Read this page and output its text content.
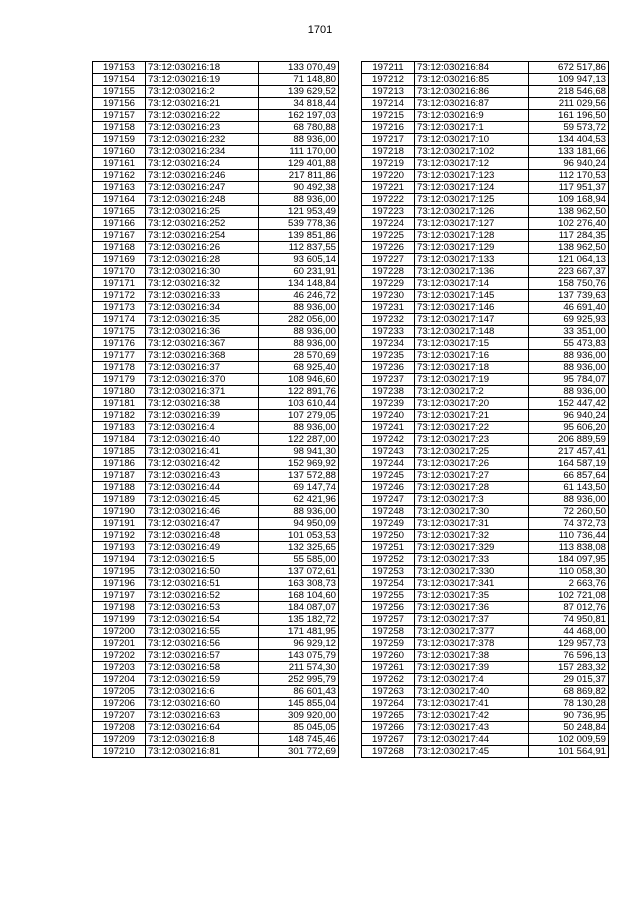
1701
197153	73:12:030216:18	133 070,49
197154	73:12:030216:19	71 148,80
197155	73:12:030216:2	139 629,52
197156	73:12:030216:21	34 818,44
197157	73:12:030216:22	162 197,03
197158	73:12:030216:23	68 780,88
197159	73:12:030216:232	88 936,00
197160	73:12:030216:234	111 170,00
197161	73:12:030216:24	129 401,88
197162	73:12:030216:246	217 811,86
197163	73:12:030216:247	90 492,38
197164	73:12:030216:248	88 936,00
197165	73:12:030216:25	121 953,49
197166	73:12:030216:252	539 778,36
197167	73:12:030216:254	139 851,86
197168	73:12:030216:26	112 837,55
197169	73:12:030216:28	93 605,14
197170	73:12:030216:30	60 231,91
197171	73:12:030216:32	134 148,84
197172	73:12:030216:33	46 246,72
197173	73:12:030216:34	88 936,00
197174	73:12:030216:35	282 056,00
197175	73:12:030216:36	88 936,00
197176	73:12:030216:367	88 936,00
197177	73:12:030216:368	28 570,69
197178	73:12:030216:37	68 925,40
197179	73:12:030216:370	108 946,60
197180	73:12:030216:371	122 891,76
197181	73:12:030216:38	103 610,44
197182	73:12:030216:39	107 279,05
197183	73:12:030216:4	88 936,00
197184	73:12:030216:40	122 287,00
197185	73:12:030216:41	98 941,30
197186	73:12:030216:42	152 969,92
197187	73:12:030216:43	137 572,88
197188	73:12:030216:44	69 147,74
197189	73:12:030216:45	62 421,96
197190	73:12:030216:46	88 936,00
197191	73:12:030216:47	94 950,09
197192	73:12:030216:48	101 053,53
197193	73:12:030216:49	132 325,65
197194	73:12:030216:5	55 585,00
197195	73:12:030216:50	137 072,61
197196	73:12:030216:51	163 308,73
197197	73:12:030216:52	168 104,60
197198	73:12:030216:53	184 087,07
197199	73:12:030216:54	135 182,72
197200	73:12:030216:55	171 481,95
197201	73:12:030216:56	96 929,12
197202	73:12:030216:57	143 075,79
197203	73:12:030216:58	211 574,30
197204	73:12:030216:59	252 995,79
197205	73:12:030216:6	86 601,43
197206	73:12:030216:60	145 855,04
197207	73:12:030216:63	309 920,00
197208	73:12:030216:64	85 045,05
197209	73:12:030216:8	148 745,46
197210	73:12:030216:81	301 772,69
197211	73:12:030216:84	672 517,86
197212	73:12:030216:85	109 947,13
197213	73:12:030216:86	218 546,68
197214	73:12:030216:87	211 029,56
197215	73:12:030216:9	161 196,50
197216	73:12:030217:1	59 573,72
197217	73:12:030217:10	134 404,53
197218	73:12:030217:102	133 181,66
197219	73:12:030217:12	96 940,24
197220	73:12:030217:123	112 170,53
197221	73:12:030217:124	117 951,37
197222	73:12:030217:125	109 168,94
197223	73:12:030217:126	138 962,50
197224	73:12:030217:127	102 276,40
197225	73:12:030217:128	117 284,35
197226	73:12:030217:129	138 962,50
197227	73:12:030217:133	121 064,13
197228	73:12:030217:136	223 667,37
197229	73:12:030217:14	158 750,76
197230	73:12:030217:145	137 739,63
197231	73:12:030217:146	46 691,40
197232	73:12:030217:147	69 925,93
197233	73:12:030217:148	33 351,00
197234	73:12:030217:15	55 473,83
197235	73:12:030217:16	88 936,00
197236	73:12:030217:18	88 936,00
197237	73:12:030217:19	95 784,07
197238	73:12:030217:2	88 936,00
197239	73:12:030217:20	152 447,42
197240	73:12:030217:21	96 940,24
197241	73:12:030217:22	95 606,20
197242	73:12:030217:23	206 889,59
197243	73:12:030217:25	217 457,41
197244	73:12:030217:26	164 587,19
197245	73:12:030217:27	66 857,64
197246	73:12:030217:28	61 143,50
197247	73:12:030217:3	88 936,00
197248	73:12:030217:30	72 260,50
197249	73:12:030217:31	74 372,73
197250	73:12:030217:32	110 736,44
197251	73:12:030217:329	113 838,08
197252	73:12:030217:33	184 097,95
197253	73:12:030217:330	110 058,30
197254	73:12:030217:341	2 663,76
197255	73:12:030217:35	102 721,08
197256	73:12:030217:36	87 012,76
197257	73:12:030217:37	74 950,81
197258	73:12:030217:377	44 468,00
197259	73:12:030217:378	129 957,73
197260	73:12:030217:38	76 596,13
197261	73:12:030217:39	157 283,32
197262	73:12:030217:4	29 015,37
197263	73:12:030217:40	68 869,82
197264	73:12:030217:41	78 130,28
197265	73:12:030217:42	90 736,95
197266	73:12:030217:43	50 248,84
197267	73:12:030217:44	102 009,59
197268	73:12:030217:45	101 564,91
